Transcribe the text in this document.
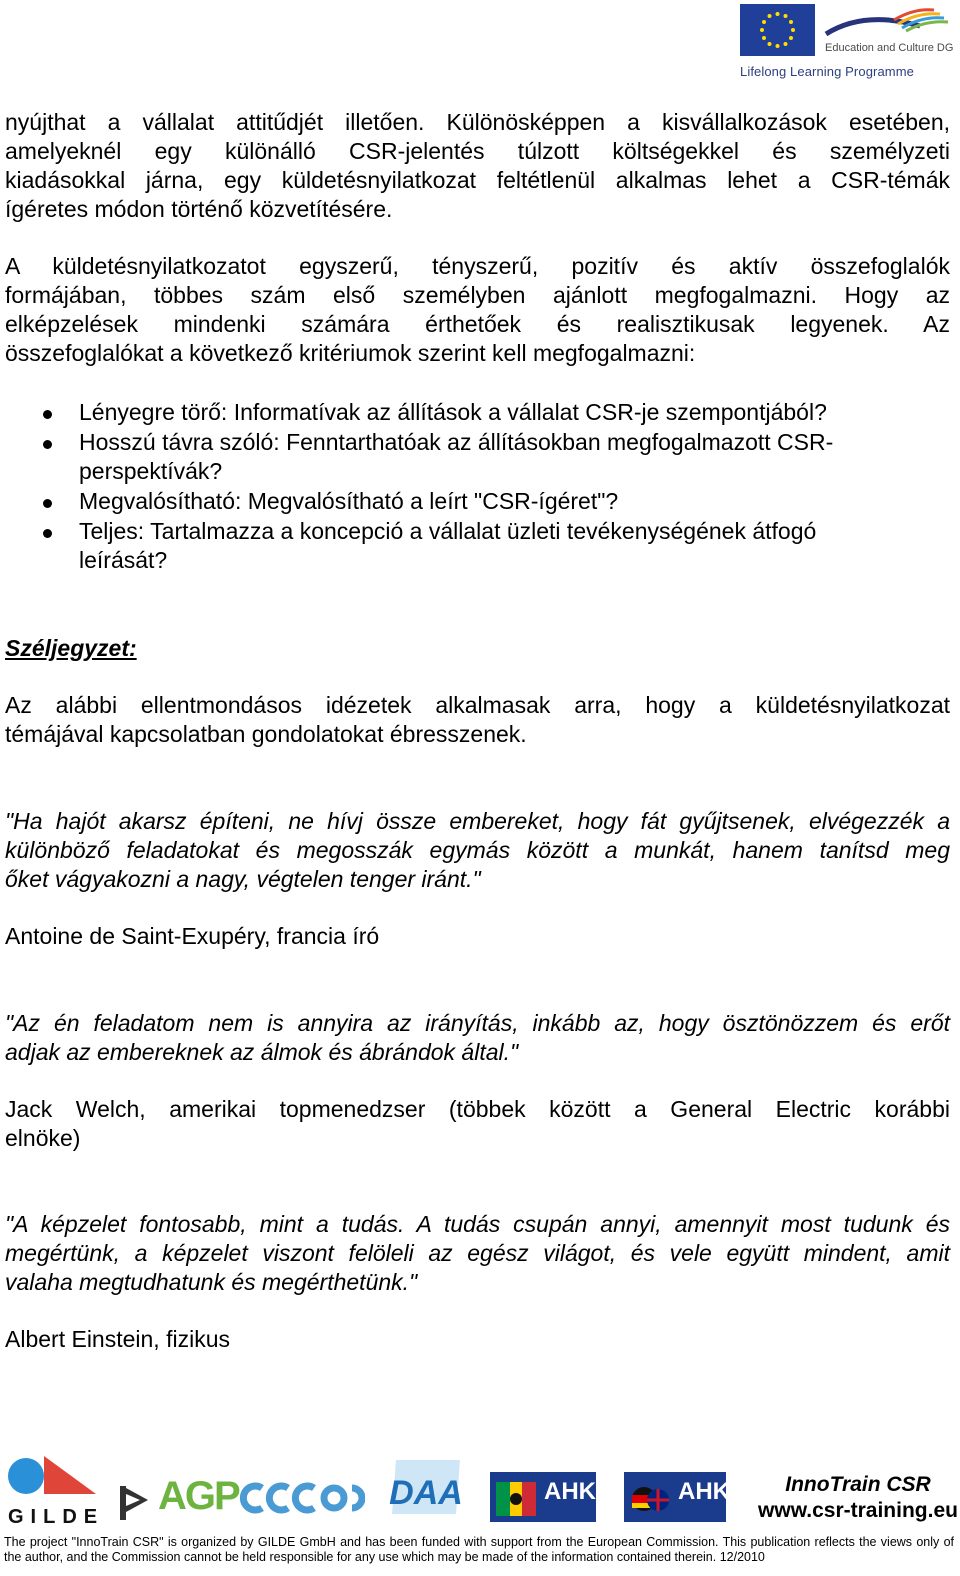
Education and Culture DG
Lifelong Learning Programme
nyújthat a vállalat attitűdjét illetően. Különösképpen a kisvállalkozások esetében,
amelyeknél egy különálló CSR-jelentés túlzott költségekkel és személyzeti
kiadásokkal járna, egy küldetésnyilatkozat feltétlenül alkalmas lehet a CSR-témák
ígéretes módon történő közvetítésére.
A küldetésnyilatkozatot egyszerű, tényszerű, pozitív és aktív összefoglalók
formájában, többes szám első személyben ajánlott megfogalmazni. Hogy az
elképzelések mindenki számára érthetőek és realisztikusak legyenek. Az
összefoglalókat a következő kritériumok szerint kell megfogalmazni:
Lényegre törő: Informatívak az állítások a vállalat CSR-je szempontjából?
Hosszú távra szóló: Fenntarthatóak az állításokban megfogalmazott CSR-perspektívák?
Megvalósítható: Megvalósítható a leírt "CSR-ígéret"?
Teljes: Tartalmazza a koncepció a vállalat üzleti tevékenységének átfogó leírását?
Széljegyzet:
Az alábbi ellentmondásos idézetek alkalmasak arra, hogy a küldetésnyilatkozat
témájával kapcsolatban gondolatokat ébresszenek.
"Ha hajót akarsz építeni, ne hívj össze embereket, hogy fát gyűjtsenek, elvégezzék a
különböző feladatokat és megosszák egymás között a munkát, hanem tanítsd meg
őket vágyakozni a nagy, végtelen tenger iránt."
Antoine de Saint-Exupéry, francia író
"Az én feladatom nem is annyira az irányítás, inkább az, hogy ösztönözzem és erőt
adjak az embereknek az álmok és ábrándok által."
Jack Welch, amerikai topmenedzser (többek között a General Electric korábbi
elnöke)
"A képzelet fontosabb, mint a tudás. A tudás csupán annyi, amennyit most tudunk és
megértünk, a képzelet viszont felöleli az egész világot, és vele együtt mindent, amit
valaha megtudhatunk és megérthetünk."
Albert Einstein, fizikus
GILDE AGP	DAA	AHK	AHK	InnoTrain CSR
www.csr-training.eu
The project "InnoTrain CSR" is organized by GILDE GmbH and has been funded with support from the European Commission. This publication reflects the views only of the author, and the Commission cannot be held responsible for any use which may be made of the information contained therein. 12/2010
